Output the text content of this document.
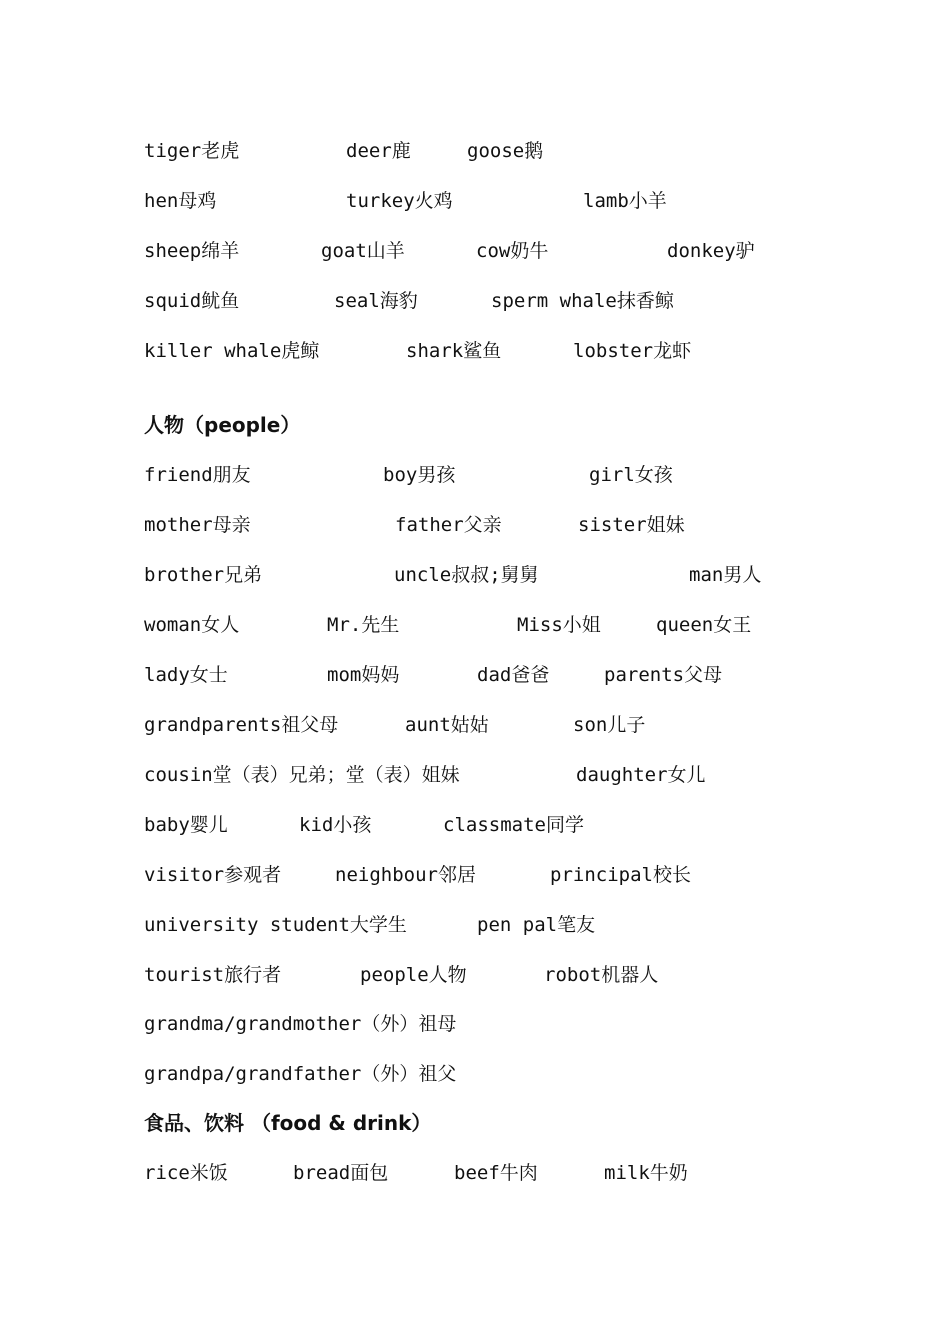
tiger老虎	deer鹿	goose鹅
hen母鸡	turkey火鸡	lamb小羊
sheep绵羊	goat山羊	cow奶牛	donkey驴
squid鱿鱼	seal海豹	sperm whale抹香鲸
killer whale虎鲸	shark鲨鱼	lobster龙虾
人物（people）
friend朋友	boy男孩	girl女孩
mother母亲	father父亲	sister姐妹
brother兄弟	uncle叔叔;舅舅	man男人
woman女人	Mr.先生	Miss小姐	queen女王
lady女士	mom妈妈	dad爸爸	parents父母
grandparents祖父母	aunt姑姑	son儿子
cousin堂（表）兄弟；堂（表）姐妹	daughter女儿
baby婴儿	kid小孩	classmate同学
visitor参观者	neighbour邻居	principal校长
university student大学生	pen pal笔友
tourist旅行者	people人物	robot机器人
grandma/grandmother（外）祖母
grandpa/grandfather（外）祖父
食品、饮料 （food & drink）
rice米饭	bread面包	beef牛肉	milk牛奶
